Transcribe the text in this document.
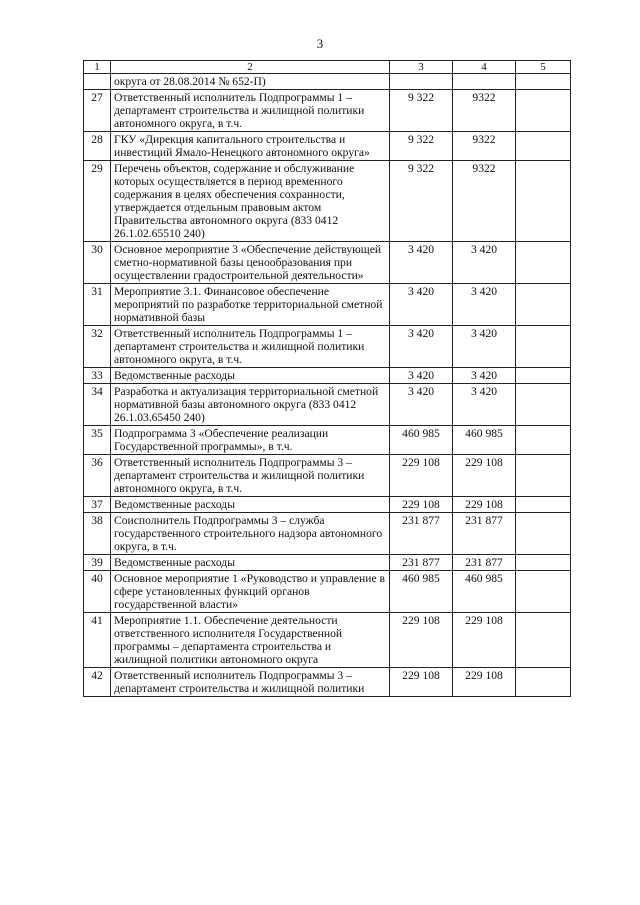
3
1	2	3	4	5
	округа от 28.08.2014 № 652-П)			
27	Ответственный исполнитель Подпрограммы 1 – департамент строительства и жилищной политики автономного округа, в т.ч.	9 322	9322	
28	ГКУ «Дирекция капитального строительства и инвестиций Ямало-Ненецкого автономного округа»	9 322	9322	
29	Перечень объектов, содержание и обслуживание которых осуществляется в период временного содержания в целях обеспечения сохранности, утверждается отдельным правовым актом Правительства автономного округа (833 0412 26.1.02.65510 240)	9 322	9322	
30	Основное мероприятие 3 «Обеспечение действующей сметно-нормативной базы ценообразования при осуществлении градостроительной деятельности»	3 420	3 420	
31	Мероприятие 3.1. Финансовое обеспечение мероприятий по разработке территориальной сметной нормативной базы	3 420	3 420	
32	Ответственный исполнитель Подпрограммы 1 – департамент строительства и жилищной политики автономного округа, в т.ч.	3 420	3 420	
33	Ведомственные расходы	3 420	3 420	
34	Разработка и актуализация территориальной сметной нормативной базы автономного округа (833 0412 26.1.03.65450 240)	3 420	3 420	
35	Подпрограмма 3 «Обеспечение реализации Государственной программы», в т.ч.	460 985	460 985	
36	Ответственный исполнитель Подпрограммы 3 – департамент строительства и жилищной политики автономного округа, в т.ч.	229 108	229 108	
37	Ведомственные расходы	229 108	229 108	
38	Соисполнитель Подпрограммы 3 – служба государственного строительного надзора автономного округа, в т.ч.	231 877	231 877	
39	Ведомственные расходы	231 877	231 877	
40	Основное мероприятие 1 «Руководство и управление в сфере установленных функций органов государственной власти»	460 985	460 985	
41	Мероприятие 1.1. Обеспечение деятельности ответственного исполнителя Государственной программы – департамента строительства и жилищной политики автономного округа	229 108	229 108	
42	Ответственный исполнитель Подпрограммы 3 – департамент строительства и жилищной политики	229 108	229 108	
